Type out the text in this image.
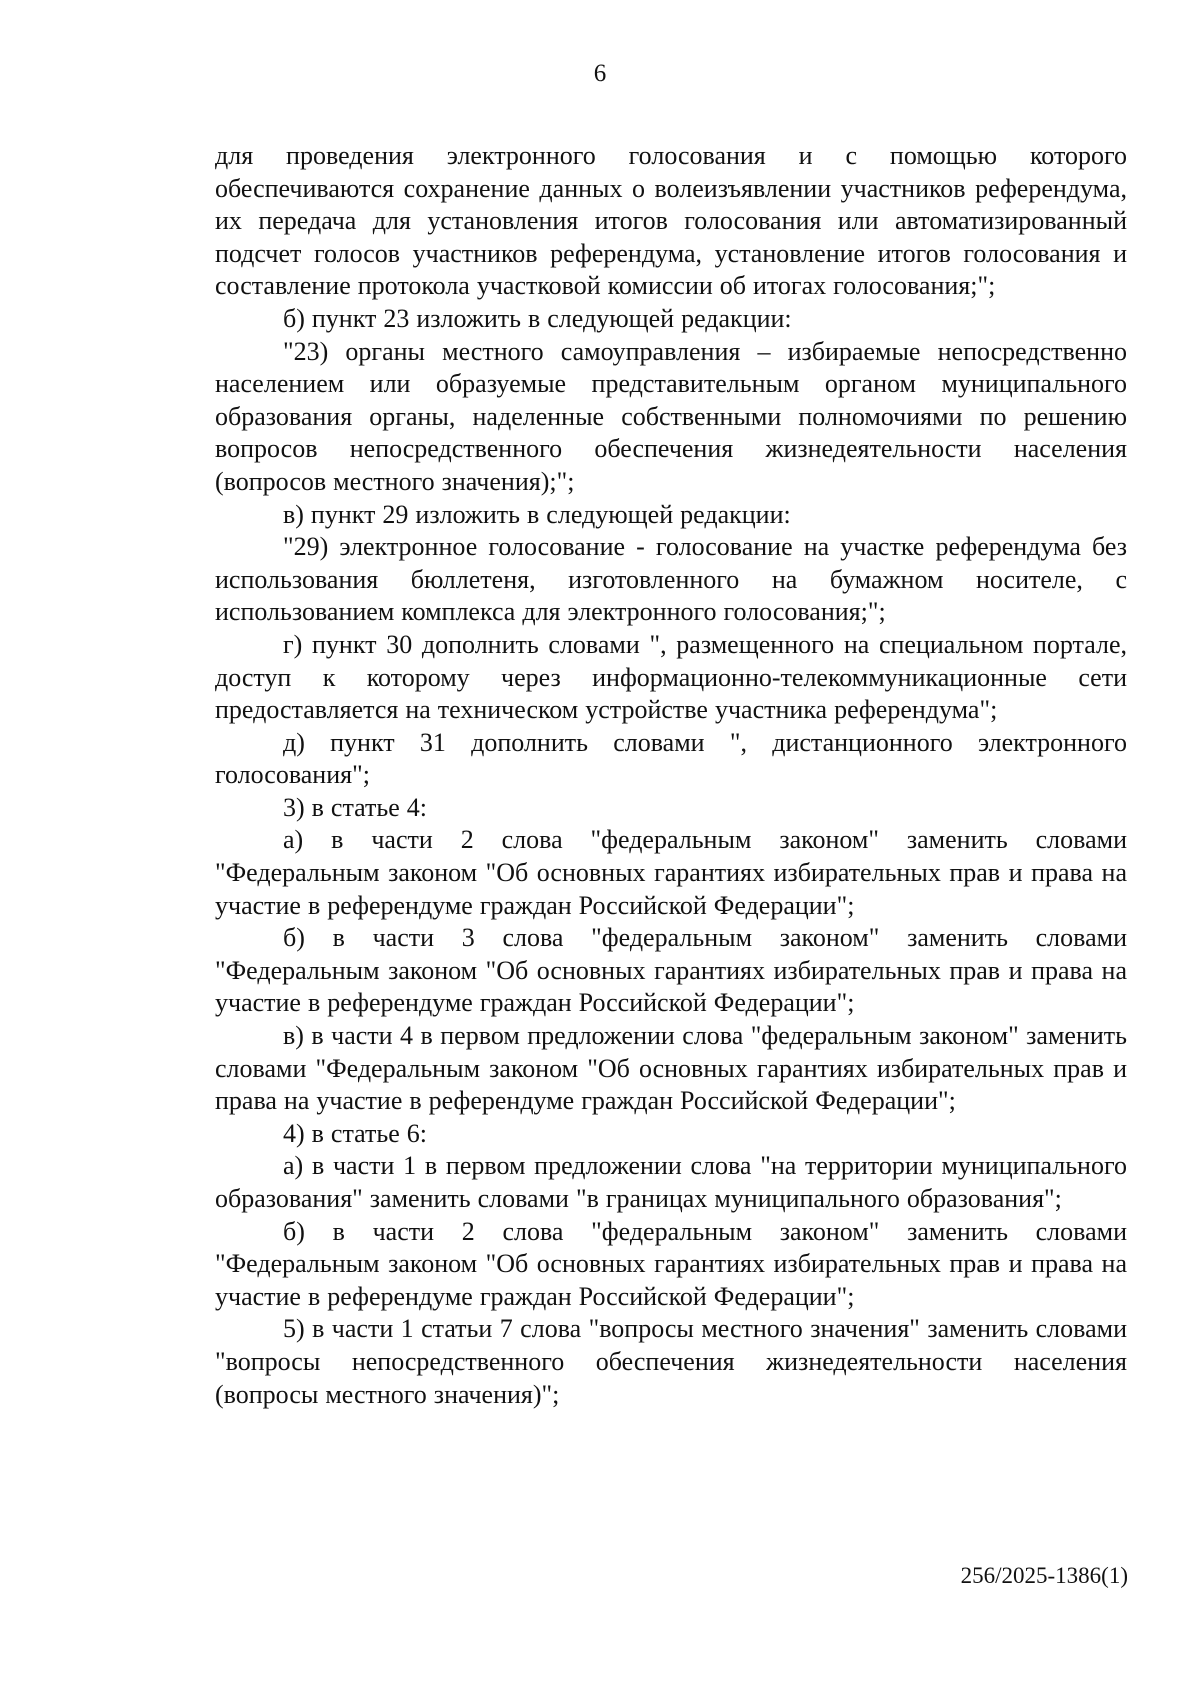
6

для проведения электронного голосования и с помощью которого обеспечиваются сохранение данных о волеизъявлении участников референдума, их передача для установления итогов голосования или автоматизированный подсчет голосов участников референдума, установление итогов голосования и составление протокола участковой комиссии об итогах голосования;";

б) пункт 23 изложить в следующей редакции:

"23) органы местного самоуправления – избираемые непосредственно населением или образуемые представительным органом муниципального образования органы, наделенные собственными полномочиями по решению вопросов непосредственного обеспечения жизнедеятельности населения (вопросов местного значения);";

в) пункт 29 изложить в следующей редакции:

"29) электронное голосование - голосование на участке референдума без использования бюллетеня, изготовленного на бумажном носителе, с использованием комплекса для электронного голосования;";

г) пункт 30 дополнить словами ", размещенного на специальном портале, доступ к которому через информационно-телекоммуникационные сети предоставляется на техническом устройстве участника референдума";

д) пункт 31 дополнить словами ", дистанционного электронного голосования";

3) в статье 4:

а) в части 2 слова "федеральным законом" заменить словами "Федеральным законом "Об основных гарантиях избирательных прав и права на участие в референдуме граждан Российской Федерации";

б) в части 3 слова "федеральным законом" заменить словами "Федеральным законом "Об основных гарантиях избирательных прав и права на участие в референдуме граждан Российской Федерации";

в) в части 4 в первом предложении слова "федеральным законом" заменить словами "Федеральным законом "Об основных гарантиях избирательных прав и права на участие в референдуме граждан Российской Федерации";

4) в статье 6:

а) в части 1 в первом предложении слова "на территории муниципального образования" заменить словами "в границах муниципального образования";

б) в части 2 слова "федеральным законом" заменить словами "Федеральным законом "Об основных гарантиях избирательных прав и права на участие в референдуме граждан Российской Федерации";

5) в части 1 статьи 7 слова "вопросы местного значения" заменить словами "вопросы непосредственного обеспечения жизнедеятельности населения (вопросы местного значения)";

256/2025-1386(1)
